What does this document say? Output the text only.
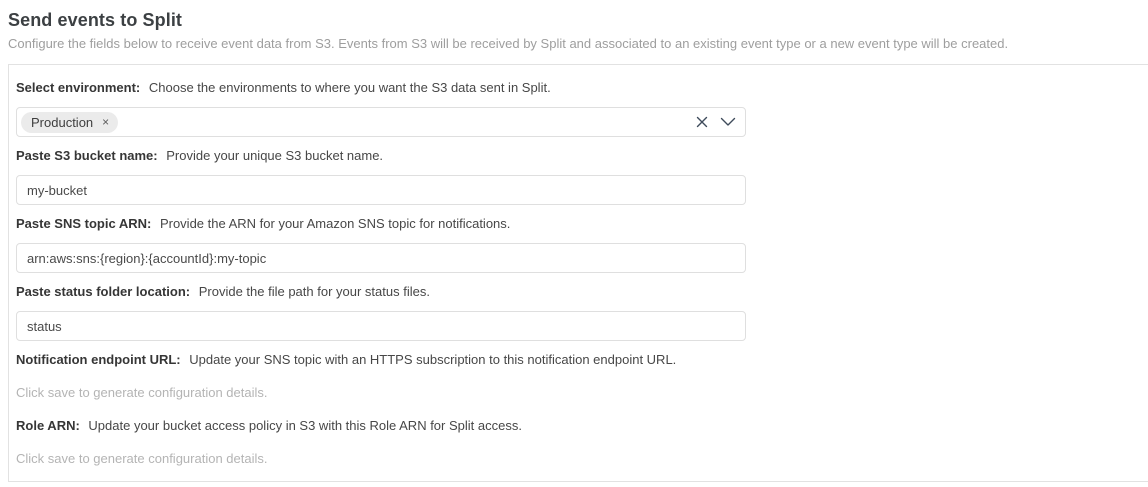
Send events to Split
Configure the fields below to receive event data from S3. Events from S3 will be received by Split and associated to an existing event type or a new event type will be created.
Select environment: Choose the environments to where you want the S3 data sent in Split.
Production ×
Paste S3 bucket name: Provide your unique S3 bucket name.
my-bucket
Paste SNS topic ARN: Provide the ARN for your Amazon SNS topic for notifications.
arn:aws:sns:{region}:{accountId}:my-topic
Paste status folder location: Provide the file path for your status files.
status
Notification endpoint URL: Update your SNS topic with an HTTPS subscription to this notification endpoint URL.
Click save to generate configuration details.
Role ARN: Update your bucket access policy in S3 with this Role ARN for Split access.
Click save to generate configuration details.
